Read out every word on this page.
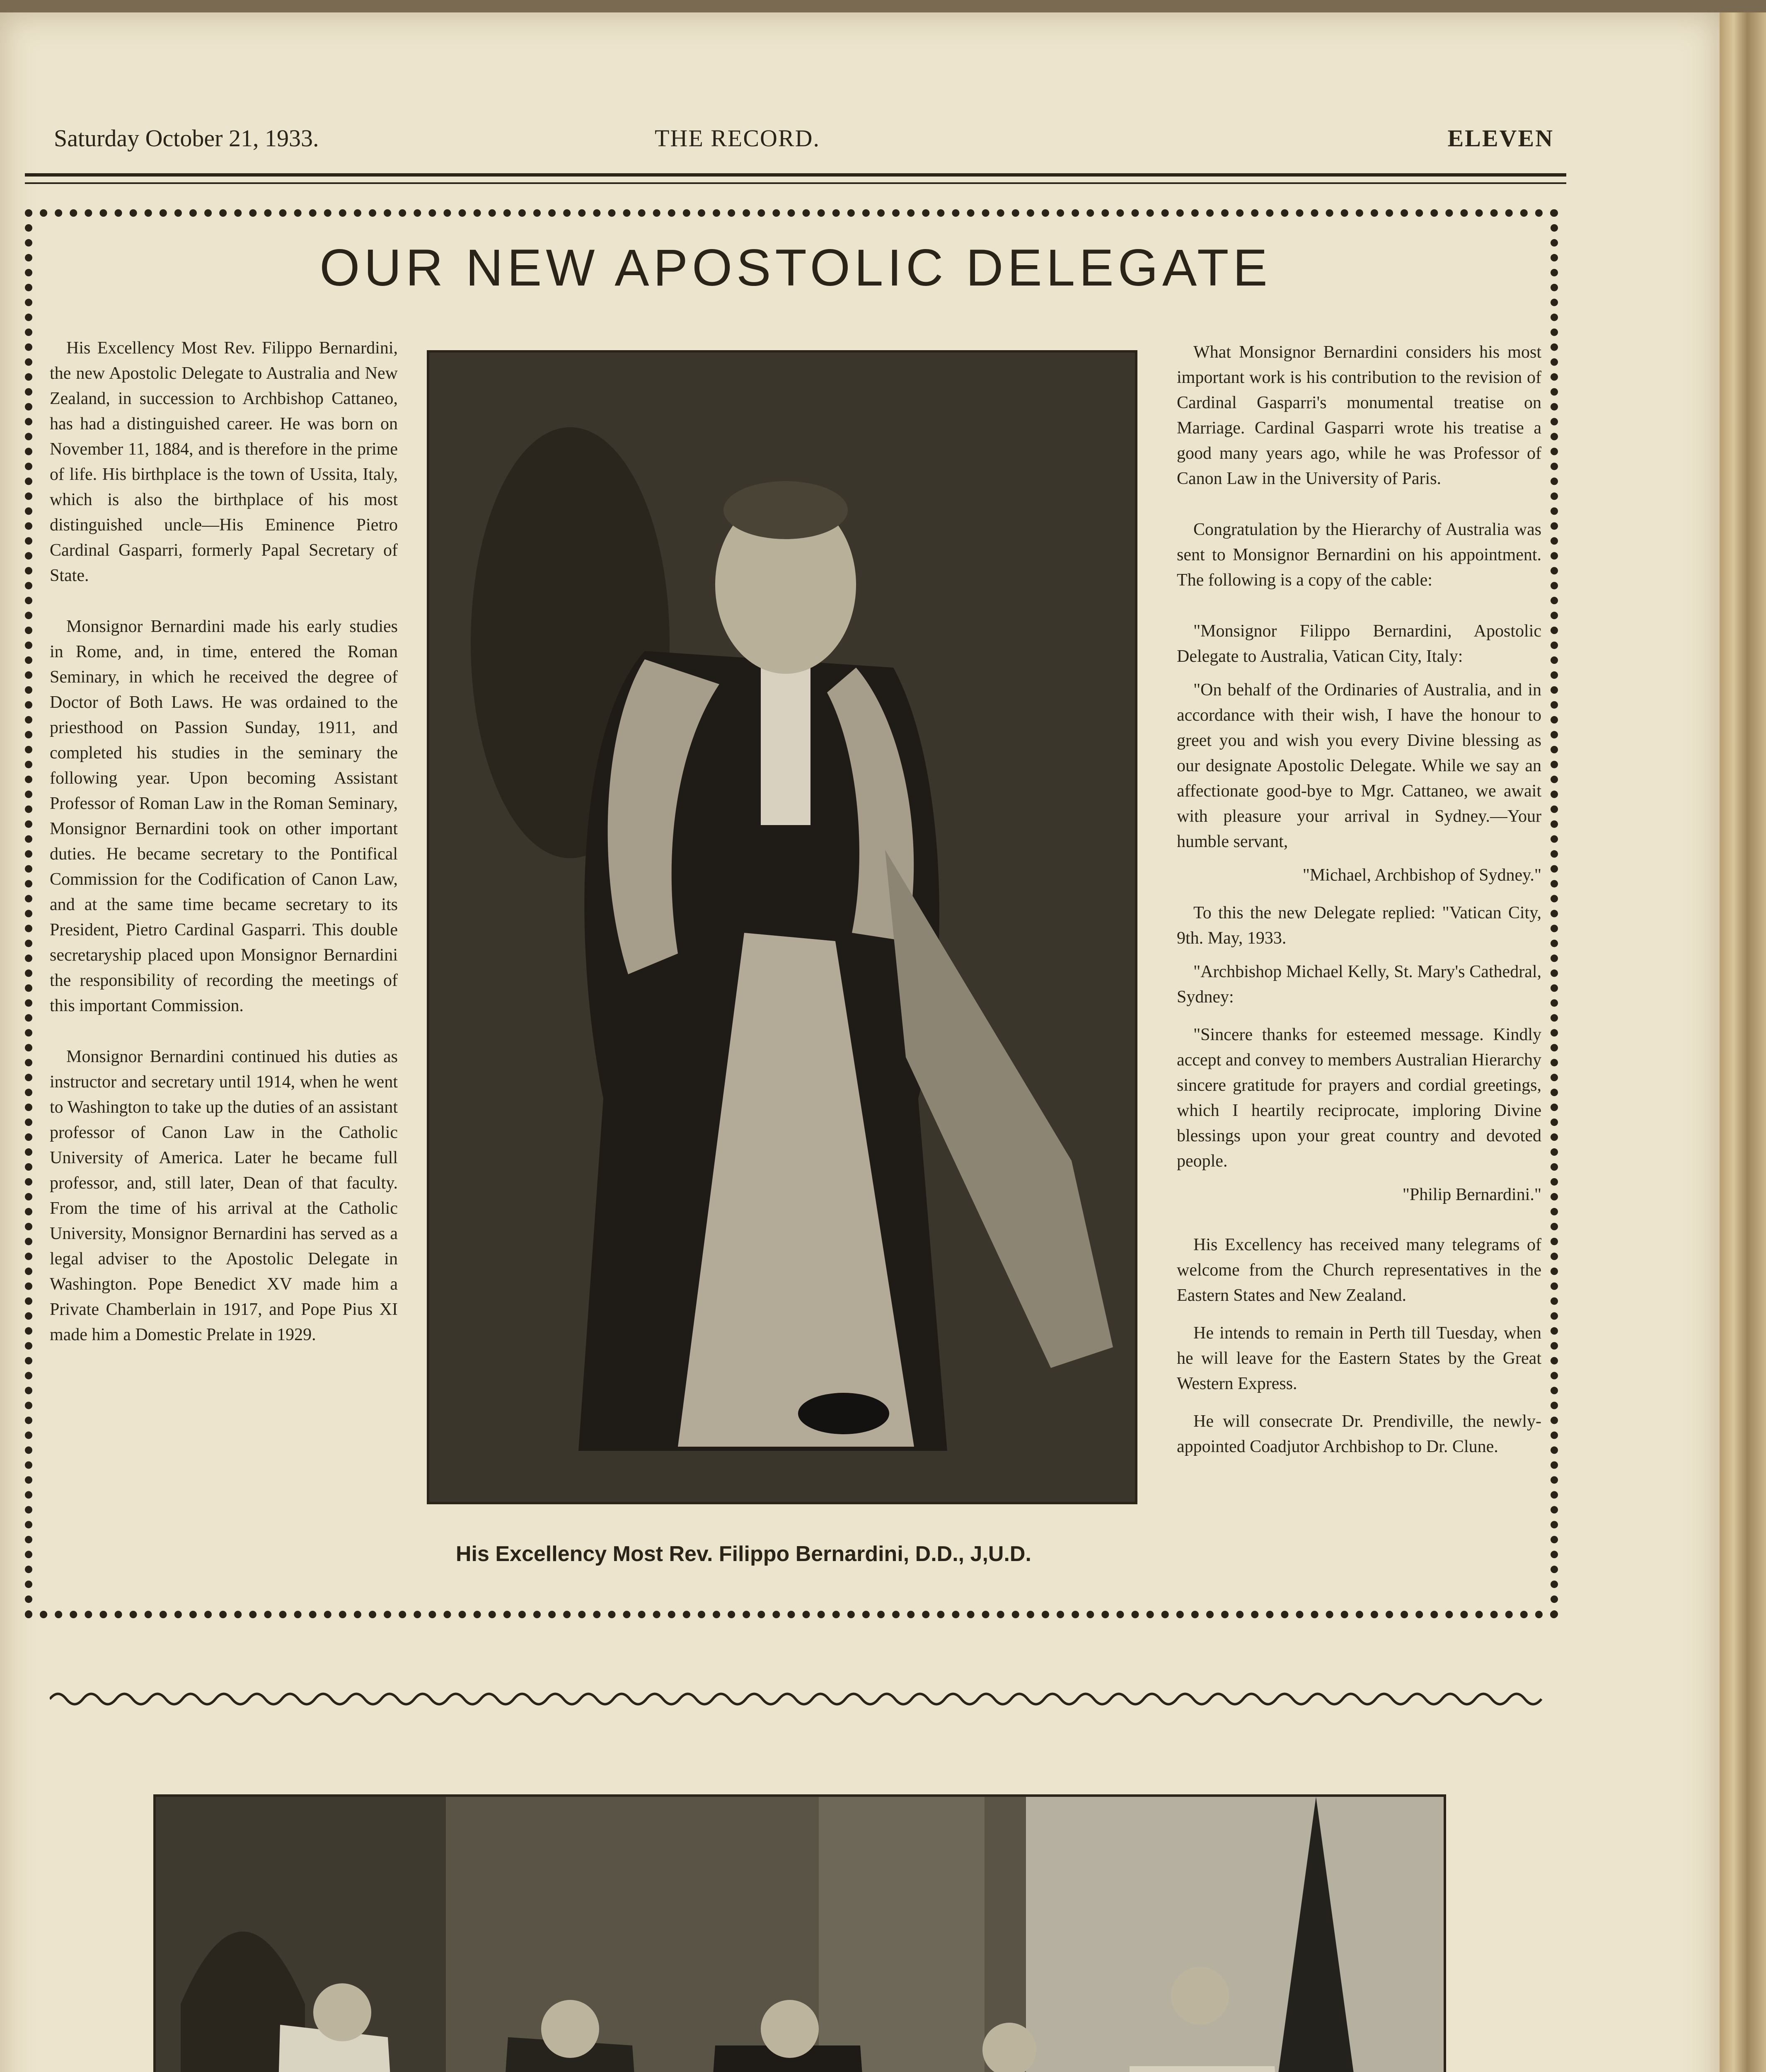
Saturday October 21, 1933.	THE RECORD.	ELEVEN
OUR NEW APOSTOLIC DELEGATE

His Excellency Most Rev. Filippo Bernardini, the new Apostolic Delegate to Australia and New Zealand, in succession to Archbishop Cattaneo, has had a distinguished career. He was born on November 11, 1884, and is therefore in the prime of life. His birthplace is the town of Ussita, Italy, which is also the birthplace of his most distinguished uncle—His Eminence Pietro Cardinal Gasparri, formerly Papal Secretary of State.

Monsignor Bernardini made his early studies in Rome, and, in time, entered the Roman Seminary, in which he received the degree of Doctor of Both Laws. He was ordained to the priesthood on Passion Sunday, 1911, and completed his studies in the seminary the following year. Upon becoming Assistant Professor of Roman Law in the Roman Seminary, Monsignor Bernardini took on other important duties. He became secretary to the Pontifical Commission for the Codification of Canon Law, and at the same time became secretary to its President, Pietro Cardinal Gasparri. This double secretaryship placed upon Monsignor Bernardini the responsibility of recording the meetings of this important Commission.

Monsignor Bernardini continued his duties as instructor and secretary until 1914, when he went to Washington to take up the duties of an assistant professor of Canon Law in the Catholic University of America. Later he became full professor, and, still later, Dean of that faculty. From the time of his arrival at the Catholic University, Monsignor Bernardini has served as a legal adviser to the Apostolic Delegate in Washington. Pope Benedict XV made him a Private Chamberlain in 1917, and Pope Pius XI made him a Domestic Prelate in 1929.

His Excellency Most Rev. Filippo Bernardini, D.D., J,U.D.

What Monsignor Bernardini considers his most important work is his contribution to the revision of Cardinal Gasparri's monumental treatise on Marriage. Cardinal Gasparri wrote his treatise a good many years ago, while he was Professor of Canon Law in the University of Paris.

Congratulation by the Hierarchy of Australia was sent to Monsignor Bernardini on his appointment. The following is a copy of the cable:

"Monsignor Filippo Bernardini, Apostolic Delegate to Australia, Vatican City, Italy:

"On behalf of the Ordinaries of Australia, and in accordance with their wish, I have the honour to greet you and wish you every Divine blessing as our designate Apostolic Delegate. While we say an affectionate good-bye to Mgr. Cattaneo, we await with pleasure your arrival in Sydney.—Your humble servant,

"Michael, Archbishop of Sydney."

To this the new Delegate replied: "Vatican City, 9th. May, 1933.

"Archbishop Michael Kelly, St. Mary's Cathedral, Sydney:

"Sincere thanks for esteemed message. Kindly accept and convey to members Australian Hierarchy sincere gratitude for prayers and cordial greetings, which I heartily reciprocate, imploring Divine blessings upon your great country and devoted people.

"Philip Bernardini."

His Excellency has received many telegrams of welcome from the Church representatives in the Eastern States and New Zealand.

He intends to remain in Perth till Tuesday, when he will leave for the Eastern States by the Great Western Express.

He will consecrate Dr. Prendiville, the newly-appointed Coadjutor Archbishop to Dr. Clune.
